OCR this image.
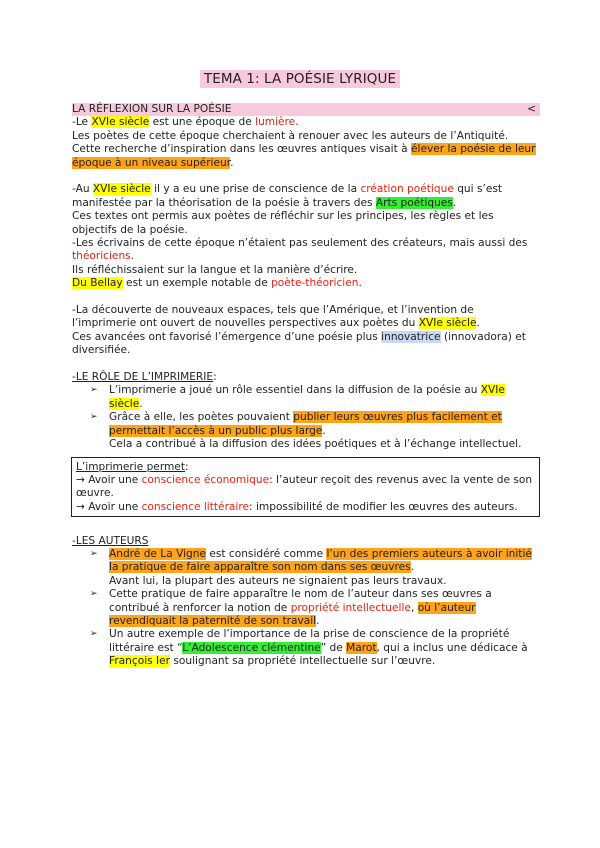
TEMA 1: LA POÉSIE LYRIQUE
LA RÉFLEXION SUR LA POÉSIE	<

-Le XVIe siècle est une époque de lumière.

Les poètes de cette époque cherchaient à renouer avec les auteurs de l’Antiquité.

Cette recherche d’inspiration dans les œuvres antiques visait à élever la poésie de leur époque à un niveau supérieur.

-Au XVIe siècle il y a eu une prise de conscience de la création poétique qui s’est manifestée par la théorisation de la poésie à travers des Arts poétiques.

Ces textes ont permis aux poètes de réfléchir sur les principes, les règles et les objectifs de la poésie.

-Les écrivains de cette époque n’étaient pas seulement des créateurs, mais aussi des théoriciens.

Ils réfléchissaient sur la langue et la manière d’écrire.

Du Bellay est un exemple notable de poète-théoricien.

-La découverte de nouveaux espaces, tels que l’Amérique, et l’invention de l’imprimerie ont ouvert de nouvelles perspectives aux poètes du XVIe siècle.

Ces avancées ont favorisé l’émergence d’une poésie plus innovatrice (innovadora) et diversifiée.

-LE RÔLE DE L’IMPRIMERIE:

➢ L’imprimerie a joué un rôle essentiel dans la diffusion de la poésie au XVIe siècle.
➢ Grâce à elle, les poètes pouvaient publier leurs œuvres plus facilement et permettait l’accès à un public plus large.
Cela a contribué à la diffusion des idées poétiques et à l’échange intellectuel.

L’imprimerie permet:

→ Avoir une conscience économique: l’auteur reçoit des revenus avec la vente de son œuvre.

→ Avoir une conscience littéraire: impossibilité de modifier les œuvres des auteurs.

-LES AUTEURS

➢ André de La Vigne est considéré comme l’un des premiers auteurs à avoir initié la pratique de faire apparaître son nom dans ses œuvres.
Avant lui, la plupart des auteurs ne signaient pas leurs travaux.
➢ Cette pratique de faire apparaître le nom de l’auteur dans ses œuvres a contribué à renforcer la notion de propriété intellectuelle, où l’auteur revendiquait la paternité de son travail.
➢ Un autre exemple de l’importance de la prise de conscience de la propriété littéraire est “L’Adolescence clémentine” de Marot, qui a inclus une dédicace à François Ier soulignant sa propriété intellectuelle sur l’œuvre.
